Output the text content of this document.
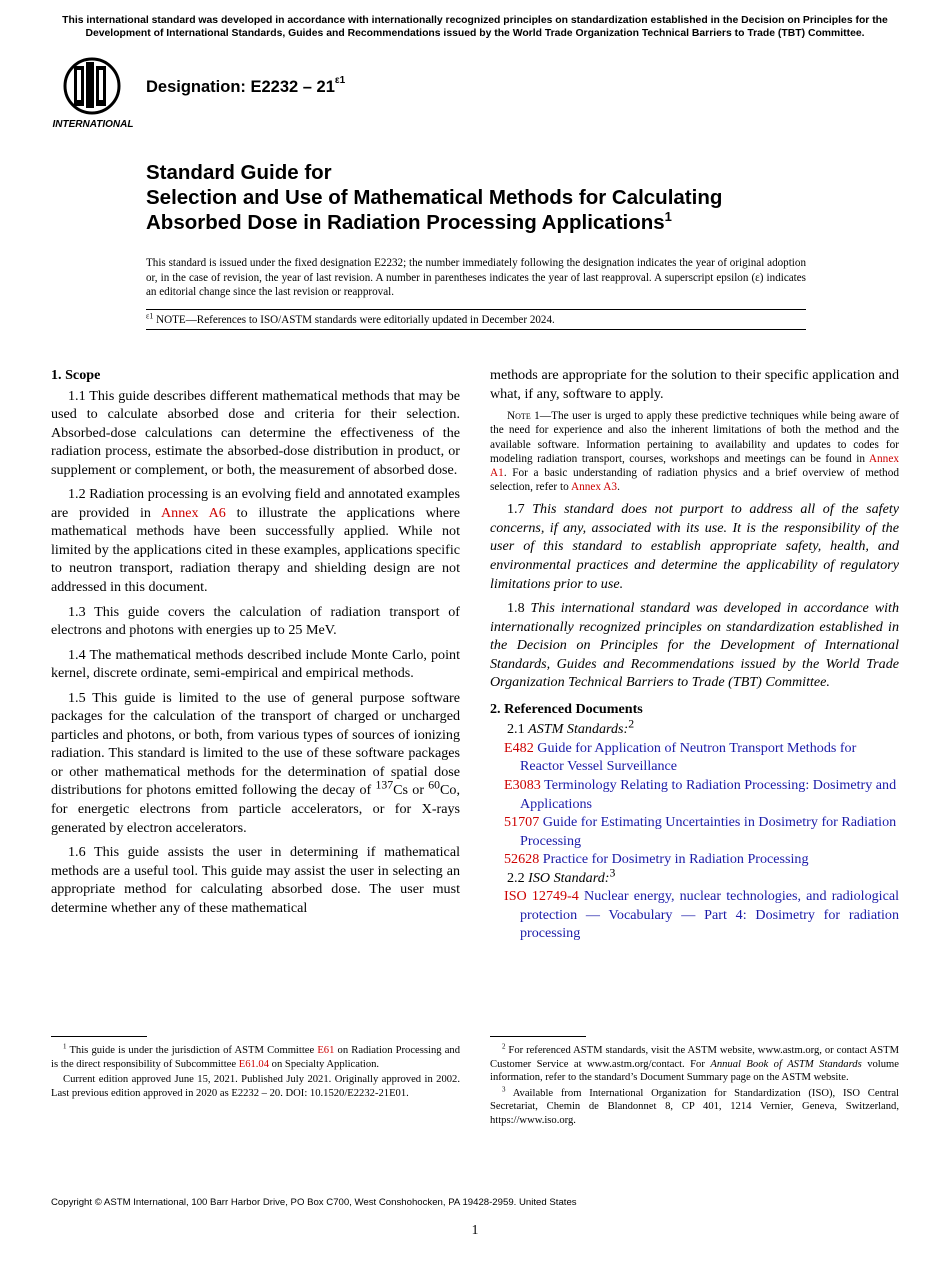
This international standard was developed in accordance with internationally recognized principles on standardization established in the Decision on Principles for the Development of International Standards, Guides and Recommendations issued by the World Trade Organization Technical Barriers to Trade (TBT) Committee.
INTERNATIONAL
Designation: $E2232 - 21^{\varepsilon 1}$
Standard Guide for
Selection and Use of Mathematical Methods for Calculating
Absorbed Dose in Radiation Processing Applications$^1$
This standard is issued under the fixed designation E2232; the number immediately following the designation indicates the year of original adoption or, in the case of revision, the year of last revision. A number in parentheses indicates the year of last reapproval. A superscript epsilon (ε) indicates an editorial change since the last revision or reapproval.
$^{\varepsilon 1}$ NOTE—References to ISO/ASTM standards were editorially updated in December 2024.
1. Scope

1.1 This guide describes different mathematical methods that may be used to calculate absorbed dose and criteria for their selection. Absorbed-dose calculations can determine the effectiveness of the radiation process, estimate the absorbed-dose distribution in product, or supplement or complement, or both, the measurement of absorbed dose.

1.2 Radiation processing is an evolving field and annotated examples are provided in Annex A6 to illustrate the applications where mathematical methods have been successfully applied. While not limited by the applications cited in these examples, applications specific to neutron transport, radiation therapy and shielding design are not addressed in this document.

1.3 This guide covers the calculation of radiation transport of electrons and photons with energies up to 25 MeV.

1.4 The mathematical methods described include Monte Carlo, point kernel, discrete ordinate, semi-empirical and empirical methods.

1.5 This guide is limited to the use of general purpose software packages for the calculation of the transport of charged or uncharged particles and photons, or both, from various types of sources of ionizing radiation. This standard is limited to the use of these software packages or other mathematical methods for the determination of spatial dose distributions for photons emitted following the decay of $^{137}$Cs or $^{60}$Co, for energetic electrons from particle accelerators, or for X-rays generated by electron accelerators.

1.6 This guide assists the user in determining if mathematical methods are a useful tool. This guide may assist the user in selecting an appropriate method for calculating absorbed dose. The user must determine whether any of these mathematical

methods are appropriate for the solution to their specific application and what, if any, software to apply.

Note 1—The user is urged to apply these predictive techniques while being aware of the need for experience and also the inherent limitations of both the method and the available software. Information pertaining to availability and updates to codes for modeling radiation transport, courses, workshops and meetings can be found in Annex A1. For a basic understanding of radiation physics and a brief overview of method selection, refer to Annex A3.

1.7 This standard does not purport to address all of the safety concerns, if any, associated with its use. It is the responsibility of the user of this standard to establish appropriate safety, health, and environmental practices and determine the applicability of regulatory limitations prior to use.

1.8 This international standard was developed in accordance with internationally recognized principles on standardization established in the Decision on Principles for the Development of International Standards, Guides and Recommendations issued by the World Trade Organization Technical Barriers to Trade (TBT) Committee.

2. Referenced Documents

2.1 ASTM Standards:$^2$

E482 Guide for Application of Neutron Transport Methods for Reactor Vessel Surveillance

E3083 Terminology Relating to Radiation Processing: Dosimetry and Applications

51707 Guide for Estimating Uncertainties in Dosimetry for Radiation Processing

52628 Practice for Dosimetry in Radiation Processing

2.2 ISO Standard:$^3$

ISO 12749-4 Nuclear energy, nuclear technologies, and radiological protection — Vocabulary — Part 4: Dosimetry for radiation processing

$^1$ This guide is under the jurisdiction of ASTM Committee E61 on Radiation Processing and is the direct responsibility of Subcommittee E61.04 on Specialty Application.

Current edition approved June 15, 2021. Published July 2021. Originally approved in 2002. Last previous edition approved in 2020 as E2232 – 20. DOI: 10.1520/E2232-21E01.

$^2$ For referenced ASTM standards, visit the ASTM website, www.astm.org, or contact ASTM Customer Service at www.astm.org/contact. For Annual Book of ASTM Standards volume information, refer to the standard’s Document Summary page on the ASTM website.

$^3$ Available from International Organization for Standardization (ISO), ISO Central Secretariat, Chemin de Blandonnet 8, CP 401, 1214 Vernier, Geneva, Switzerland, https://www.iso.org.

Copyright © ASTM International, 100 Barr Harbor Drive, PO Box C700, West Conshohocken, PA 19428-2959. United States
1
